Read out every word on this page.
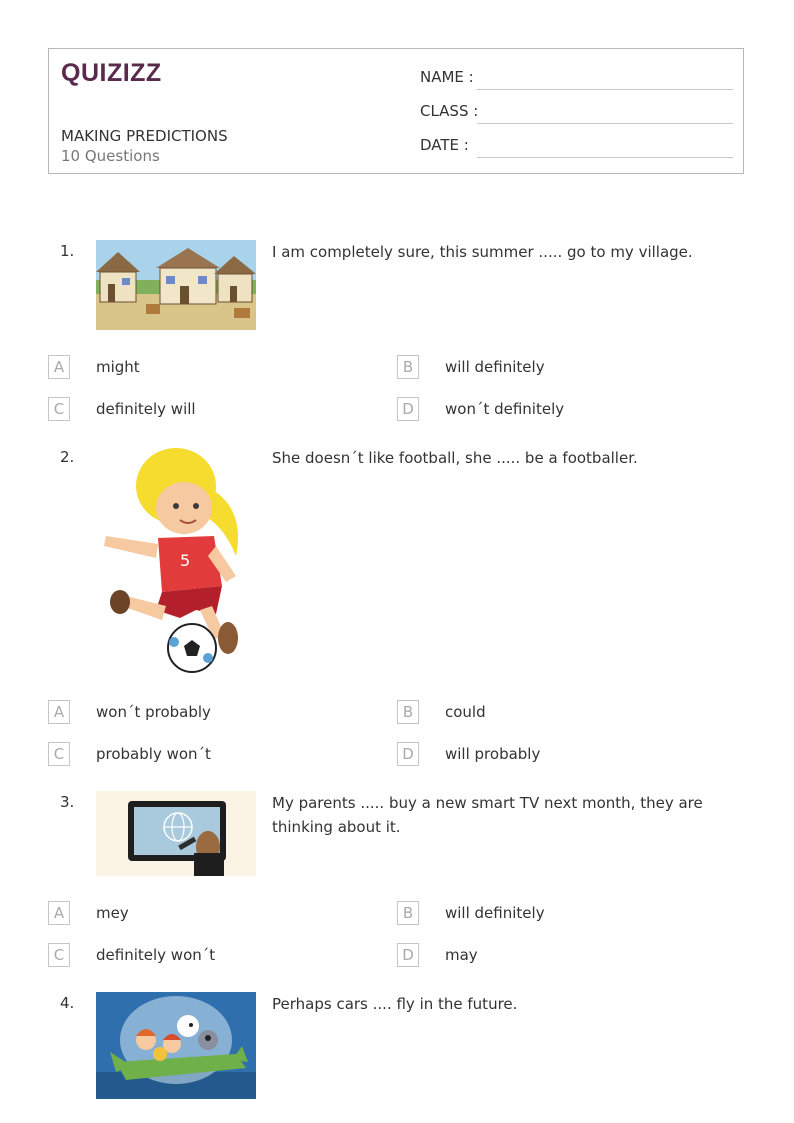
QUIZIZZ
MAKING PREDICTIONS
10 Questions
NAME :
CLASS :
DATE :
1.	I am completely sure, this summer ..... go to my village.
A	might	B	will definitely
C	definitely will	D	won´t definitely
2.
5
She doesn´t like football, she ..... be a footballer.
A	won´t probably	B	could
C	probably won´t	D	will probably
3.	My parents ..... buy a new smart TV next month, they are thinking about it.
A	mey	B	will definitely
C	definitely won´t	D	may
4.	Perhaps cars .... fly in the future.
